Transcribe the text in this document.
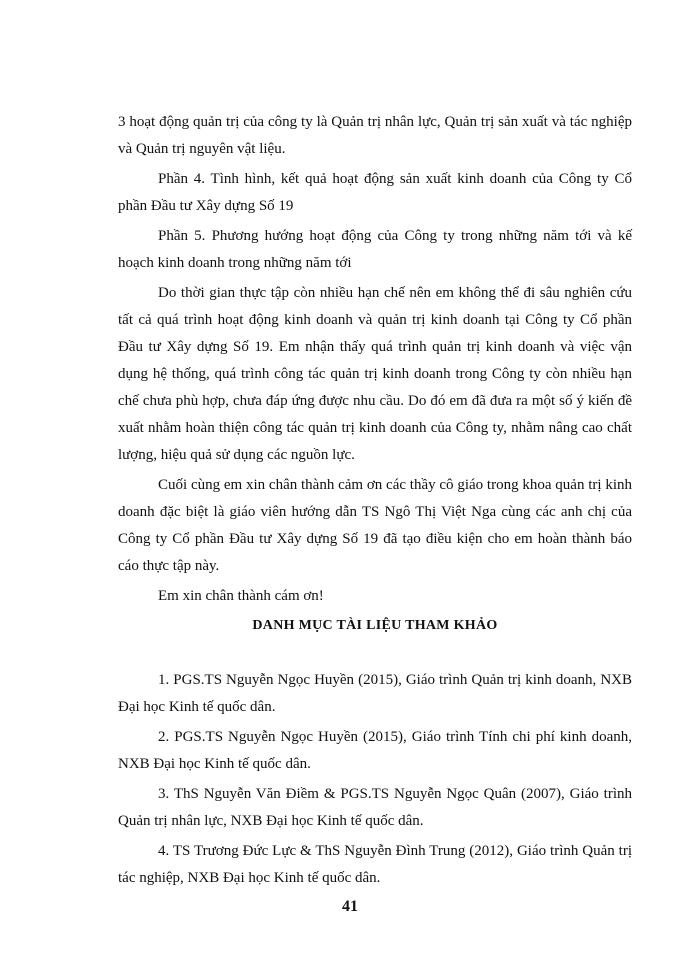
3 hoạt động quản trị của công ty là Quản trị nhân lực, Quản trị sản xuất và tác nghiệp và Quản trị nguyên vật liệu.

Phần 4. Tình hình, kết quả hoạt động sản xuất kinh doanh của Công ty Cổ phần Đầu tư Xây dựng Số 19

Phần 5. Phương hướng hoạt động của Công ty trong những năm tới và kế hoạch kinh doanh trong những năm tới

Do thời gian thực tập còn nhiều hạn chế nên em không thể đi sâu nghiên cứu tất cả quá trình hoạt động kinh doanh và quản trị kinh doanh tại Công ty Cổ phần Đầu tư Xây dựng Số 19. Em nhận thấy quá trình quản trị kinh doanh và việc vận dụng hệ thống, quá trình công tác quản trị kinh doanh trong Công ty còn nhiều hạn chế chưa phù hợp, chưa đáp ứng được nhu cầu. Do đó em đã đưa ra một số ý kiến đề xuất nhằm hoàn thiện công tác quản trị kinh doanh của Công ty, nhằm nâng cao chất lượng, hiệu quả sử dụng các nguồn lực.

Cuối cùng em xin chân thành cảm ơn các thầy cô giáo trong khoa quản trị kinh doanh đặc biệt là giáo viên hướng dẫn TS Ngô Thị Việt Nga cùng các anh chị của Công ty Cổ phần Đầu tư Xây dựng Số 19 đã tạo điều kiện cho em hoàn thành báo cáo thực tập này.

Em xin chân thành cám ơn!

DANH MỤC TÀI LIỆU THAM KHẢO

1. PGS.TS Nguyễn Ngọc Huyền (2015), Giáo trình Quản trị kinh doanh, NXB Đại học Kinh tế quốc dân.

2. PGS.TS Nguyễn Ngọc Huyền (2015), Giáo trình Tính chi phí kinh doanh, NXB Đại học Kinh tế quốc dân.

3. ThS Nguyễn Văn Điềm & PGS.TS Nguyễn Ngọc Quân (2007), Giáo trình Quản trị nhân lực, NXB Đại học Kinh tế quốc dân.

4. TS Trương Đức Lực & ThS Nguyễn Đình Trung (2012), Giáo trình Quản trị tác nghiệp, NXB Đại học Kinh tế quốc dân.

41
